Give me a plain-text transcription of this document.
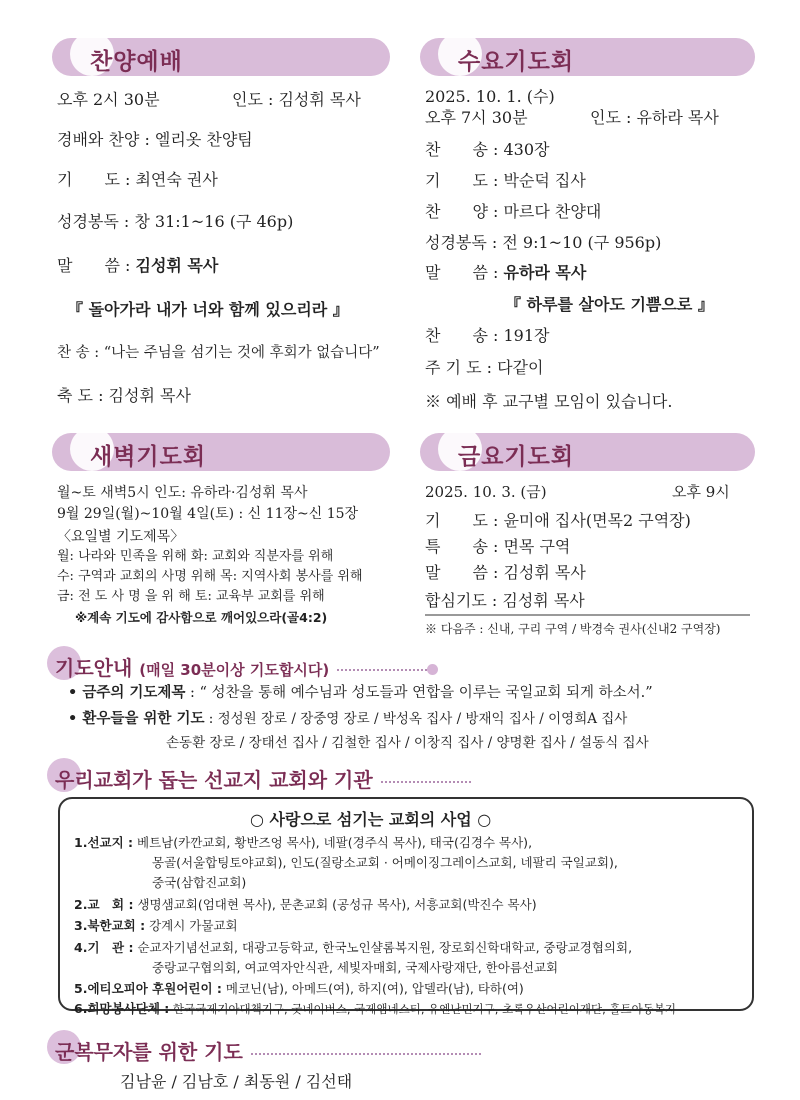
찬양예배
오후 2시 30분	인도 : 김성휘 목사
경배와 찬양 : 엘리옷 찬양팀
기　　도 : 최연숙 권사
성경봉독 : 창 31:1~16 (구 46p)
말　　씀 : 김성휘 목사
『 돌아가라 내가 너와 함께 있으리라 』
찬 송 : “나는 주님을 섬기는 것에 후회가 없습니다”
축 도 : 김성휘 목사
수요기도회
2025. 10. 1. (수)
오후 7시 30분	인도 : 유하라 목사
찬　　송 : 430장
기　　도 : 박순덕 집사
찬　　양 : 마르다 찬양대
성경봉독 : 전 9:1~10 (구 956p)
말　　씀 : 유하라 목사
『 하루를 살아도 기쁨으로 』
찬　　송 : 191장
주 기 도 : 다같이
※ 예배 후 교구별 모임이 있습니다.
새벽기도회
월~토 새벽5시 인도: 유하라·김성휘 목사
9월 29일(월)~10월 4일(토) : 신 11장~신 15장
〈요일별 기도제목〉
월: 나라와 민족을 위해 화: 교회와 직분자를 위해
수: 구역과 교회의 사명 위해 목: 지역사회 봉사를 위해
금: 전 도 사 명 을 위 해 토: 교육부 교회를 위해
※계속 기도에 감사함으로 깨어있으라(골4:2)
금요기도회
2025. 10. 3. (금)	오후 9시
기　　도 : 윤미애 집사(면목2 구역장)
특　　송 : 면목 구역
말　　씀 : 김성휘 목사
합심기도 : 김성휘 목사
※ 다음주 : 신내, 구리 구역 / 박경숙 권사(신내2 구역장)
기도안내 (매일 30분이상 기도합시다)
• 금주의 기도제목 : “ 성찬을 통해 예수님과 성도들과 연합을 이루는 국일교회 되게 하소서.”
• 환우들을 위한 기도 : 정성원 장로 / 장중영 장로 / 박성옥 집사 / 방재익 집사 / 이영희A 집사
손동환 장로 / 장태선 집사 / 김철한 집사 / 이창직 집사 / 양명환 집사 / 설동식 집사
우리교회가 돕는 선교지 교회와 기관
○ 사랑으로 섬기는 교회의 사업 ○
1.선교지 : 베트남(카깐교회, 황반즈엉 목사), 네팔(경주식 목사), 태국(김경수 목사),
몽골(서울합팅토야교회), 인도(질랑소교회 · 어메이징그레이스교회, 네팔리 국일교회),
중국(삼합진교회)
2.교　회 : 생명샘교회(엄대현 목사), 문촌교회 (공성규 목사), 서흥교회(박진수 목사)
3.북한교회 : 강계시 가물교회
4.기　관 : 순교자기념선교회, 대광고등학교, 한국노인샬롬복지원, 장로회신학대학교, 중랑교경협의회,
중랑교구협의회, 여교역자안식관, 세빛자매회, 국제사랑재단, 한아름선교회
5.에티오피아 후원어린이 : 메코닌(남), 아메드(여), 하지(여), 압델라(남), 타하(여)
6.희망봉사단체 : 한국국제기아대책기구, 굿네이버스, 국제앰네스티, 유엔난민기구, 초록우산어린이재단, 홀트아동복지
군복무자를 위한 기도
김남윤 / 김남호 / 최동원 / 김선태
